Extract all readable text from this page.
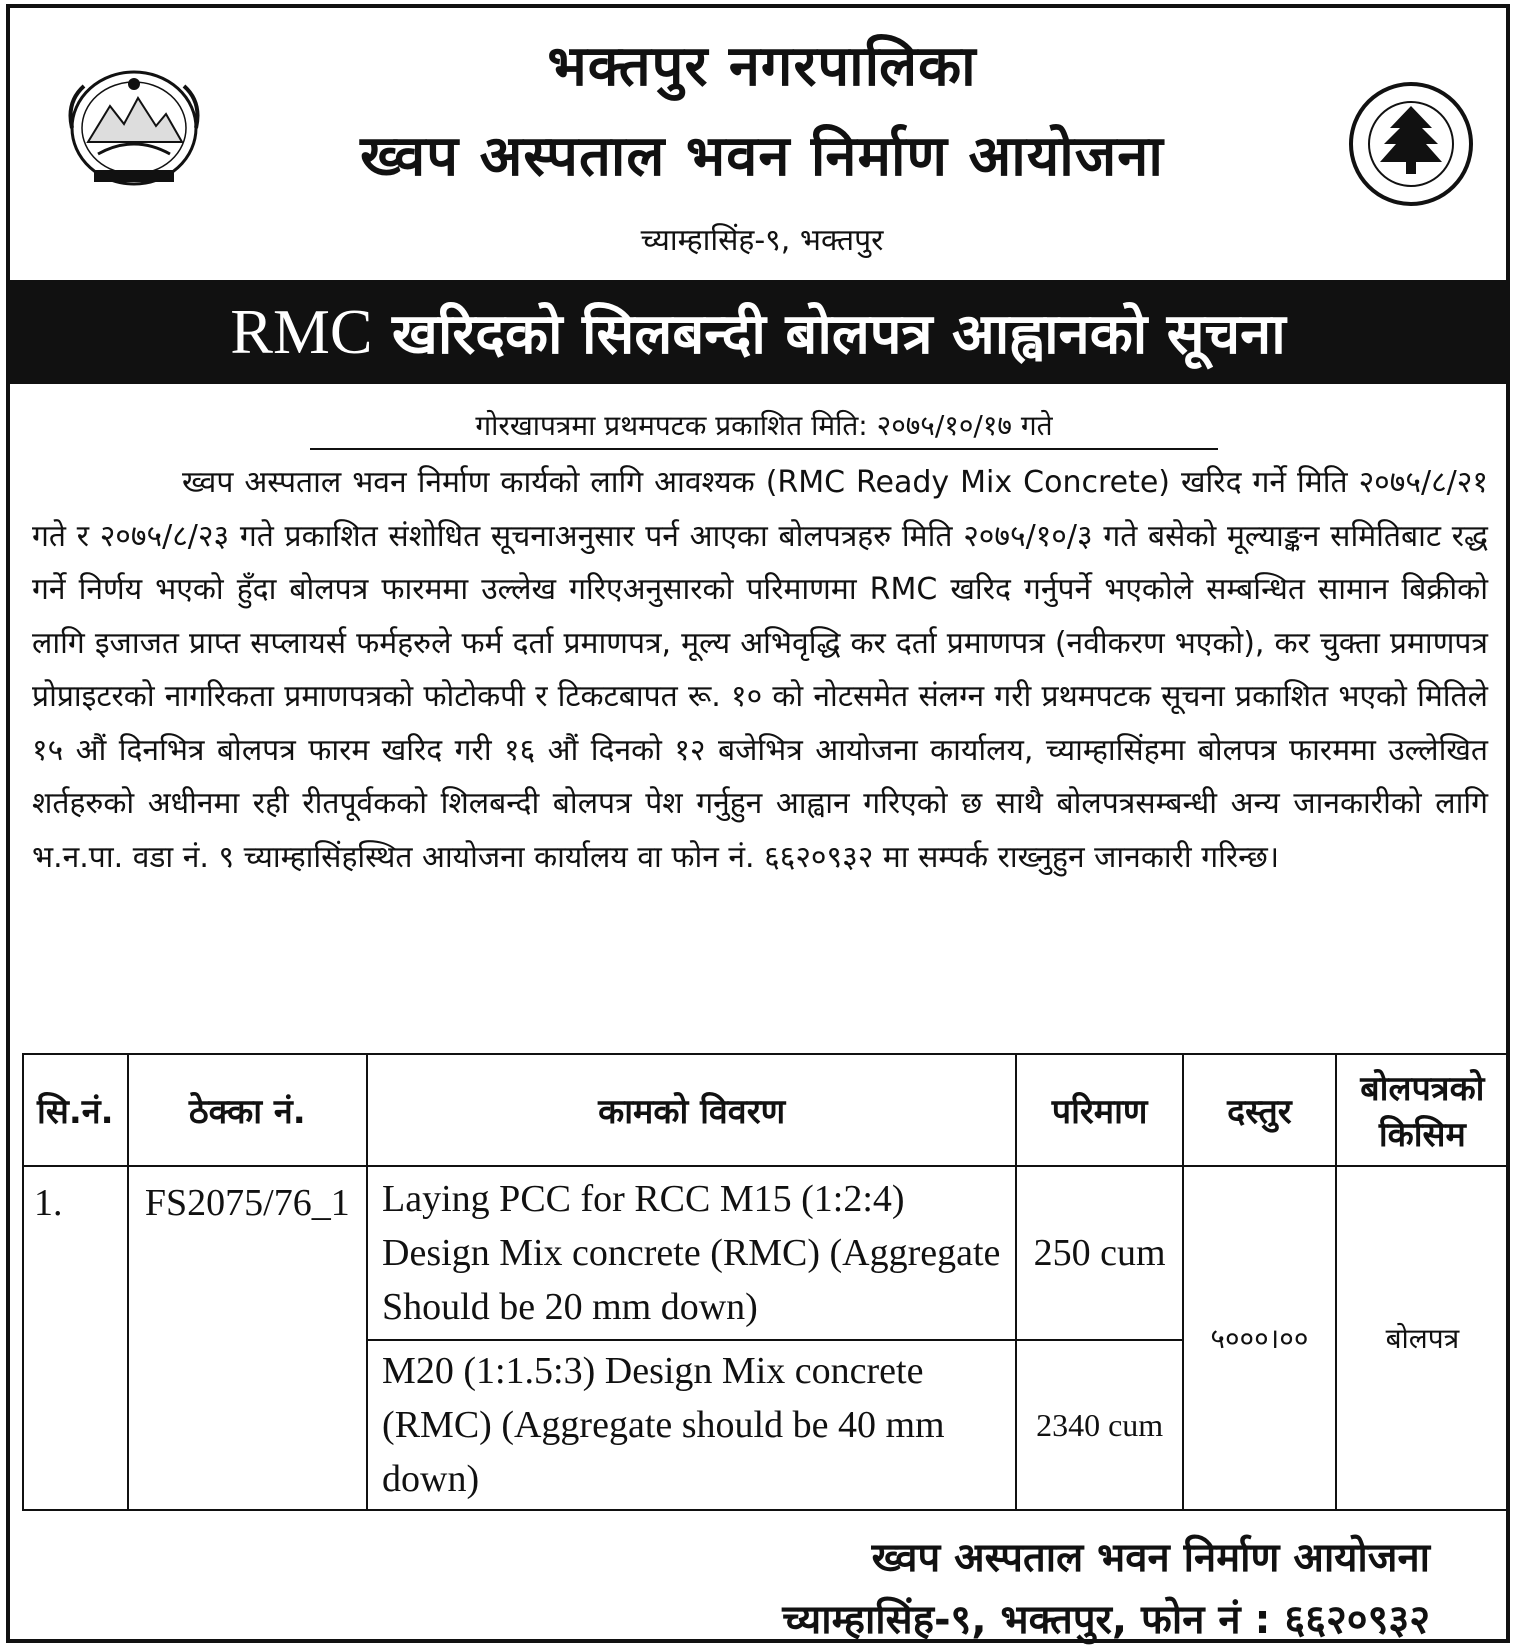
भक्तपुर नगरपालिका
ख्वप अस्पताल भवन निर्माण आयोजना
च्याम्हासिंह-९, भक्तपुर
RMC खरिदको सिलबन्दी बोलपत्र आह्वानको सूचना
गोरखापत्रमा प्रथमपटक प्रकाशित मिति: २०७५/१०/१७ गते
ख्वप अस्पताल भवन निर्माण कार्यको लागि आवश्यक (RMC Ready Mix Concrete) खरिद गर्ने मिति २०७५/८/२१ गते र २०७५/८/२३ गते प्रकाशित संशोधित सूचनाअनुसार पर्न आएका बोलपत्रहरु मिति २०७५/१०/३ गते बसेको मूल्याङ्कन समितिबाट रद्ध गर्ने निर्णय भएको हुँदा बोलपत्र फारममा उल्लेख गरिएअनुसारको परिमाणमा RMC खरिद गर्नुपर्ने भएकोले सम्बन्धित सामान बिक्रीको लागि इजाजत प्राप्त सप्लायर्स फर्महरुले फर्म दर्ता प्रमाणपत्र, मूल्य अभिवृद्धि कर दर्ता प्रमाणपत्र (नवीकरण भएको), कर चुक्ता प्रमाणपत्र प्रोप्राइटरको नागरिकता प्रमाणपत्रको फोटोकपी र टिकटबापत रू. १० को नोटसमेत संलग्न गरी प्रथमपटक सूचना प्रकाशित भएको मितिले १५ औं दिनभित्र बोलपत्र फारम खरिद गरी १६ औं दिनको १२ बजेभित्र आयोजना कार्यालय, च्याम्हासिंहमा बोलपत्र फारममा उल्लेखित शर्तहरुको अधीनमा रही रीतपूर्वकको शिलबन्दी बोलपत्र पेश गर्नुहुन आह्वान गरिएको छ साथै बोलपत्रसम्बन्धी अन्य जानकारीको लागि भ.न.पा. वडा नं. ९ च्याम्हासिंहस्थित आयोजना कार्यालय वा फोन नं. ६६२०९३२ मा सम्पर्क राख्नुहुन जानकारी गरिन्छ।
सि.नं.	ठेक्का नं.	कामको विवरण	परिमाण	दस्तुर	बोलपत्रको किसिम
1.	FS2075/76_1	Laying PCC for RCC M15 (1:2:4) Design Mix concrete (RMC) (Aggregate Should be 20 mm down)	250 cum	५०००।००	बोलपत्र
		M20 (1:1.5:3) Design Mix concrete (RMC) (Aggregate should be 40 mm down)	2340 cum		
ख्वप अस्पताल भवन निर्माण आयोजना
च्याम्हासिंह-९, भक्तपुर, फोन नं : ६६२०९३२
